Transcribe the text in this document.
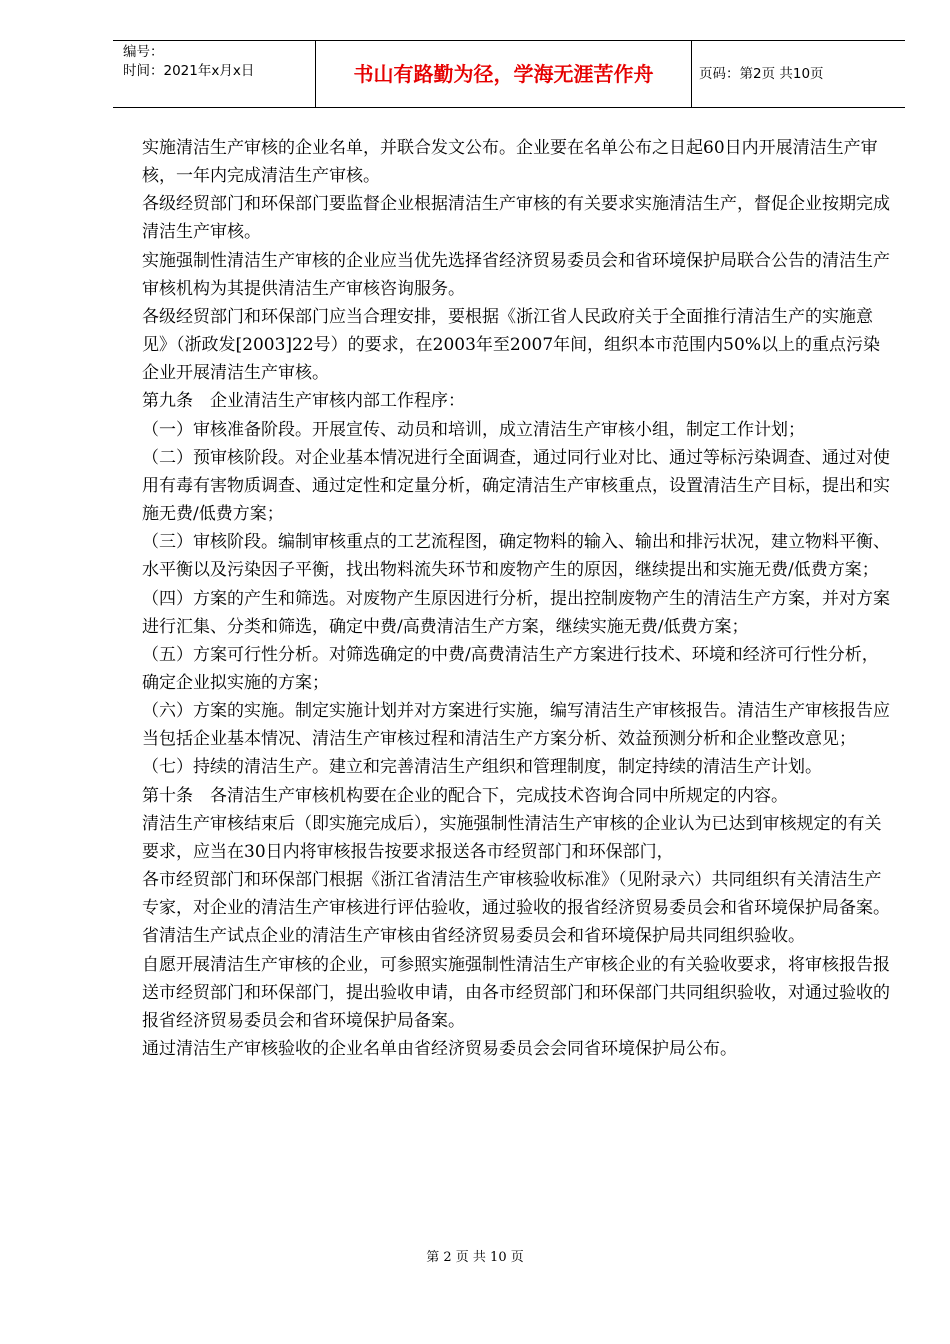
编号：
时间：2021年x月x日	书山有路勤为径，学海无涯苦作舟	页码：第2页 共10页

实施清洁生产审核的企业名单，并联合发文公布。企业要在名单公布之日起60日内开展清洁生产审核，一年内完成清洁生产审核。

各级经贸部门和环保部门要监督企业根据清洁生产审核的有关要求实施清洁生产，督促企业按期完成清洁生产审核。

实施强制性清洁生产审核的企业应当优先选择省经济贸易委员会和省环境保护局联合公告的清洁生产审核机构为其提供清洁生产审核咨询服务。

各级经贸部门和环保部门应当合理安排，要根据《浙江省人民政府关于全面推行清洁生产的实施意见》（浙政发[2003]22号）的要求，在2003年至2007年间，组织本市范围内50%以上的重点污染企业开展清洁生产审核。

第九条　企业清洁生产审核内部工作程序：

（一）审核准备阶段。开展宣传、动员和培训，成立清洁生产审核小组，制定工作计划；

（二）预审核阶段。对企业基本情况进行全面调查，通过同行业对比、通过等标污染调查、通过对使用有毒有害物质调查、通过定性和定量分析，确定清洁生产审核重点，设置清洁生产目标，提出和实施无费/低费方案；

（三）审核阶段。编制审核重点的工艺流程图，确定物料的输入、输出和排污状况，建立物料平衡、水平衡以及污染因子平衡，找出物料流失环节和废物产生的原因，继续提出和实施无费/低费方案；

（四）方案的产生和筛选。对废物产生原因进行分析，提出控制废物产生的清洁生产方案，并对方案进行汇集、分类和筛选，确定中费/高费清洁生产方案，继续实施无费/低费方案；

（五）方案可行性分析。对筛选确定的中费/高费清洁生产方案进行技术、环境和经济可行性分析，确定企业拟实施的方案；

（六）方案的实施。制定实施计划并对方案进行实施，编写清洁生产审核报告。清洁生产审核报告应当包括企业基本情况、清洁生产审核过程和清洁生产方案分析、效益预测分析和企业整改意见；

（七）持续的清洁生产。建立和完善清洁生产组织和管理制度，制定持续的清洁生产计划。

第十条　各清洁生产审核机构要在企业的配合下，完成技术咨询合同中所规定的内容。

清洁生产审核结束后（即实施完成后），实施强制性清洁生产审核的企业认为已达到审核规定的有关要求，应当在30日内将审核报告按要求报送各市经贸部门和环保部门，

各市经贸部门和环保部门根据《浙江省清洁生产审核验收标准》（见附录六）共同组织有关清洁生产专家，对企业的清洁生产审核进行评估验收，通过验收的报省经济贸易委员会和省环境保护局备案。

省清洁生产试点企业的清洁生产审核由省经济贸易委员会和省环境保护局共同组织验收。

自愿开展清洁生产审核的企业，可参照实施强制性清洁生产审核企业的有关验收要求，将审核报告报送市经贸部门和环保部门，提出验收申请，由各市经贸部门和环保部门共同组织验收，对通过验收的报省经济贸易委员会和省环境保护局备案。

通过清洁生产审核验收的企业名单由省经济贸易委员会会同省环境保护局公布。

第 2 页 共 10 页
